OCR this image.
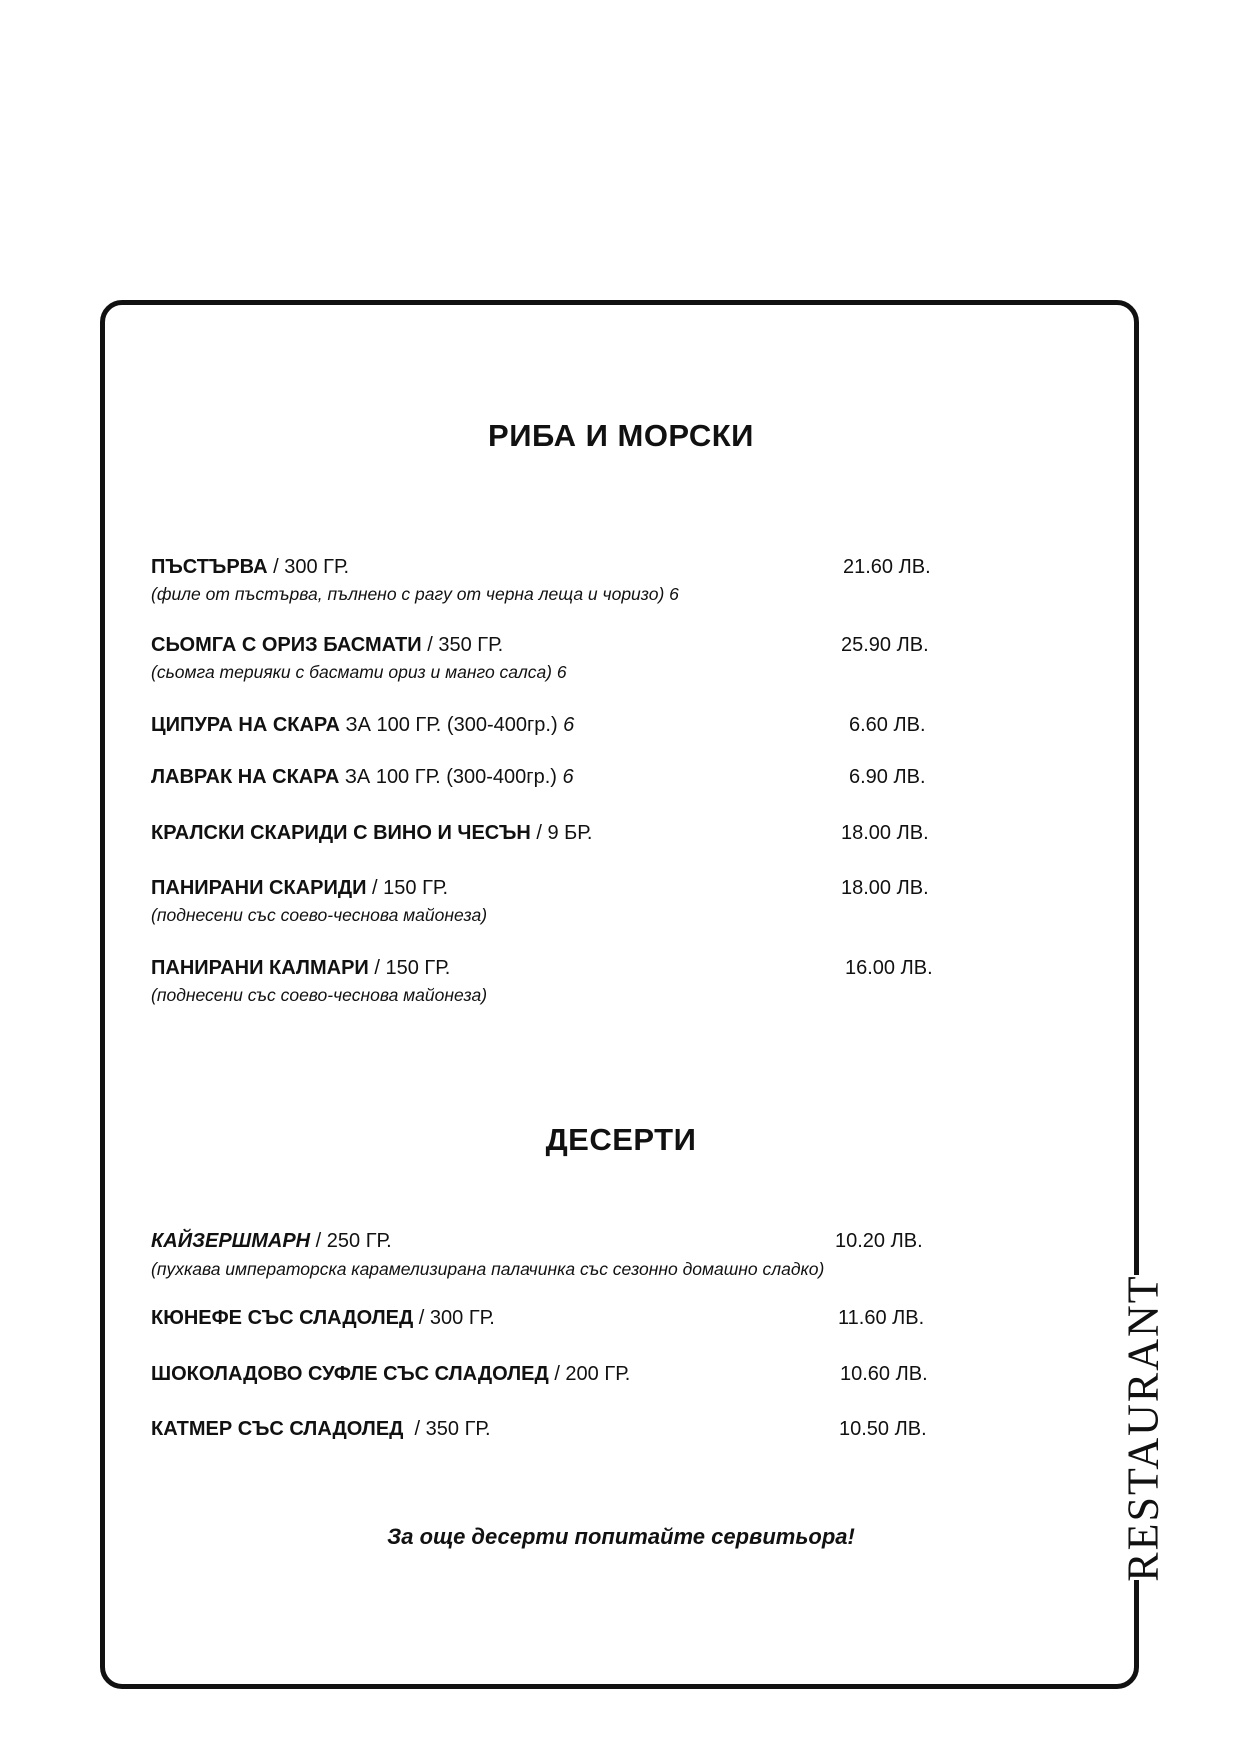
RESTAURANT
РИБА И МОРСКИ
ПЪСТЪРВА / 300 ГР.	21.60 ЛВ.
(филе от пъстърва, пълнено с рагу от черна леща и чоризо) 6
СЬОМГА С ОРИЗ БАСМАТИ / 350 ГР.	25.90 ЛВ.
(сьомга терияки с басмати ориз и манго салса) 6
ЦИПУРА НА СКАРА ЗА 100 ГР. (300-400гр.) 6	6.60 ЛВ.
ЛАВРАК НА СКАРА ЗА 100 ГР. (300-400гр.) 6	6.90 ЛВ.
КРАЛСКИ СКАРИДИ С ВИНО И ЧЕСЪН / 9 БР.	18.00 ЛВ.
ПАНИРАНИ СКАРИДИ / 150 ГР.	18.00 ЛВ.
(поднесени със соево-чеснова майонеза)
ПАНИРАНИ КАЛМАРИ / 150 ГР.	16.00 ЛВ.
(поднесени със соево-чеснова майонеза)
ДЕСЕРТИ
КАЙЗЕРШМАРН / 250 ГР.	10.20 ЛВ.
(пухкава императорска карамелизирана палачинка със сезонно домашно сладко)
КЮНЕФЕ СЪС СЛАДОЛЕД / 300 ГР.	11.60 ЛВ.
ШОКОЛАДОВО СУФЛЕ СЪС СЛАДОЛЕД / 200 ГР.	10.60 ЛВ.
КАТМЕР СЪС СЛАДОЛЕД  / 350 ГР.	10.50 ЛВ.
За още десерти попитайте сервитьора!
